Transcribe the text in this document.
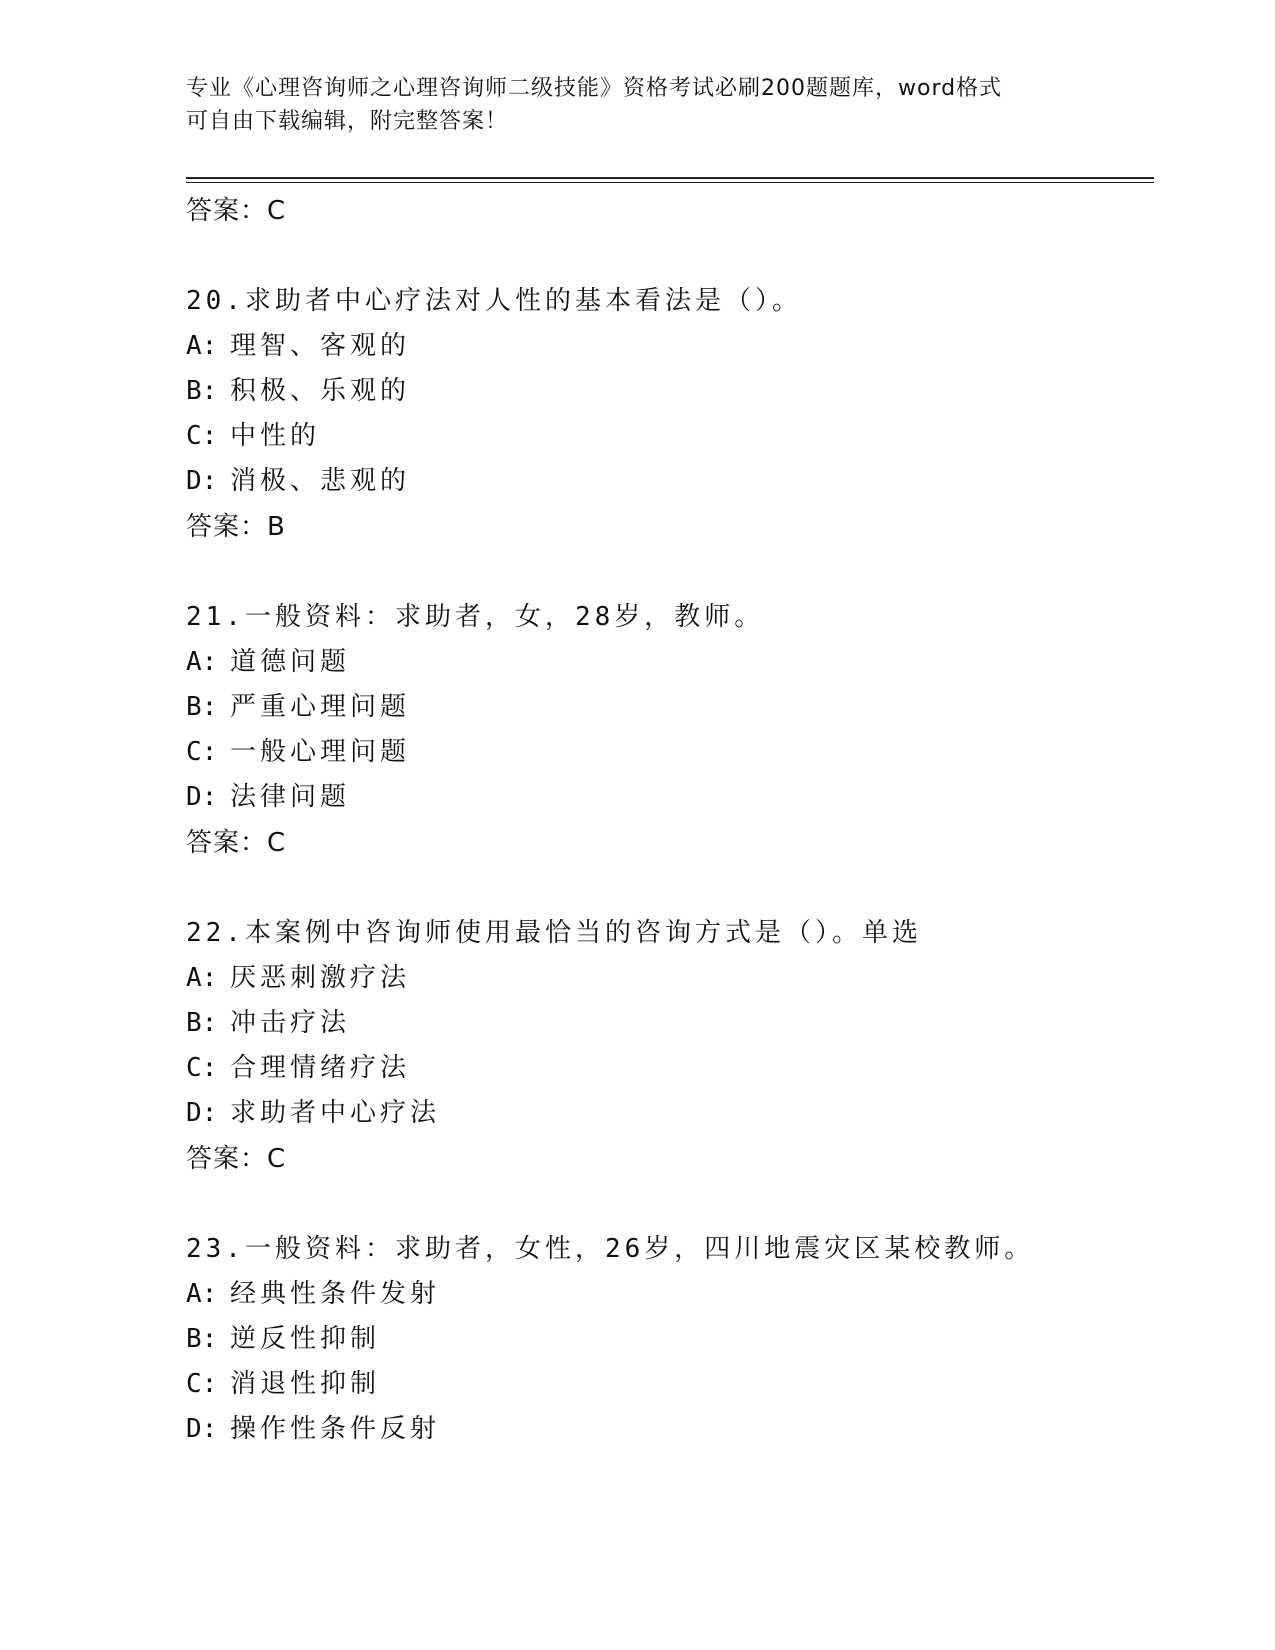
专业《心理咨询师之心理咨询师二级技能》资格考试必刷200题题库，word格式
可自由下载编辑，附完整答案！
答案：C
20.求助者中心疗法对人性的基本看法是（）。
A: 理智、客观的
B: 积极、乐观的
C: 中性的
D: 消极、悲观的
答案：B
21.一般资料：求助者，女，28岁，教师。
A: 道德问题
B: 严重心理问题
C: 一般心理问题
D: 法律问题
答案：C
22.本案例中咨询师使用最恰当的咨询方式是（）。单选
A: 厌恶刺激疗法
B: 冲击疗法
C: 合理情绪疗法
D: 求助者中心疗法
答案：C
23.一般资料：求助者，女性，26岁，四川地震灾区某校教师。
A: 经典性条件发射
B: 逆反性抑制
C: 消退性抑制
D: 操作性条件反射
